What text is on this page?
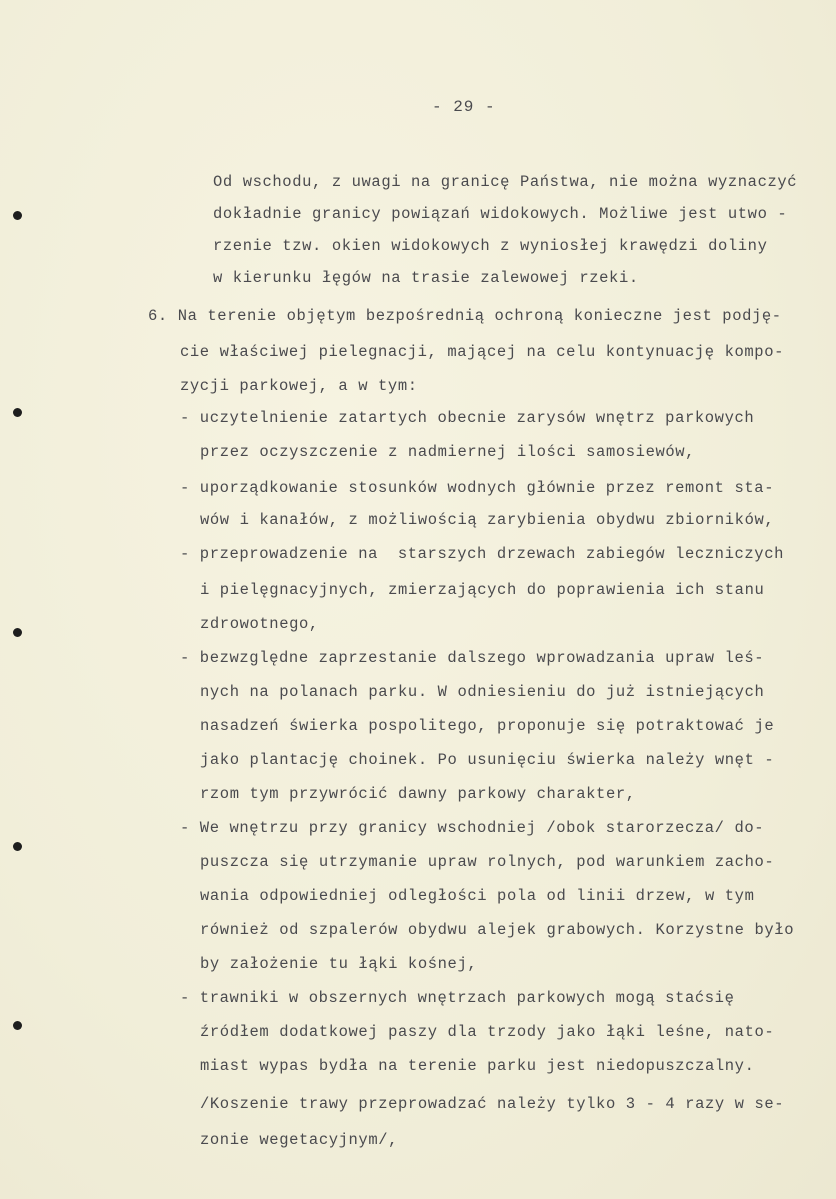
- 29 -
Od wschodu, z uwagi na granicę Państwa, nie można wyznaczyć
dokładnie granicy powiązań widokowych. Możliwe jest utwo -
rzenie tzw. okien widokowych z wyniosłej krawędzi doliny
w kierunku łęgów na trasie zalewowej rzeki.
6. Na terenie objętym bezpośrednią ochroną konieczne jest podję-
cie właściwej pielegnacji, mającej na celu kontynuację kompo-
zycji parkowej, a w tym:
- uczytelnienie zatartych obecnie zarysów wnętrz parkowych
przez oczyszczenie z nadmiernej ilości samosiewów,
- uporządkowanie stosunków wodnych głównie przez remont sta-
wów i kanałów, z możliwością zarybienia obydwu zbiorników,
- przeprowadzenie na  starszych drzewach zabiegów leczniczych
i pielęgnacyjnych, zmierzających do poprawienia ich stanu
zdrowotnego,
- bezwzględne zaprzestanie dalszego wprowadzania upraw leś-
nych na polanach parku. W odniesieniu do już istniejących
nasadzeń świerka pospolitego, proponuje się potraktować je
jako plantację choinek. Po usunięciu świerka należy wnęt -
rzom tym przywrócić dawny parkowy charakter,
- We wnętrzu przy granicy wschodniej /obok starorzecza/ do-
puszcza się utrzymanie upraw rolnych, pod warunkiem zacho-
wania odpowiedniej odległości pola od linii drzew, w tym
również od szpalerów obydwu alejek grabowych. Korzystne było
by założenie tu łąki kośnej,
- trawniki w obszernych wnętrzach parkowych mogą staćsię
źródłem dodatkowej paszy dla trzody jako łąki leśne, nato-
miast wypas bydła na terenie parku jest niedopuszczalny.
/Koszenie trawy przeprowadzać należy tylko 3 - 4 razy w se-
zonie wegetacyjnym/,
